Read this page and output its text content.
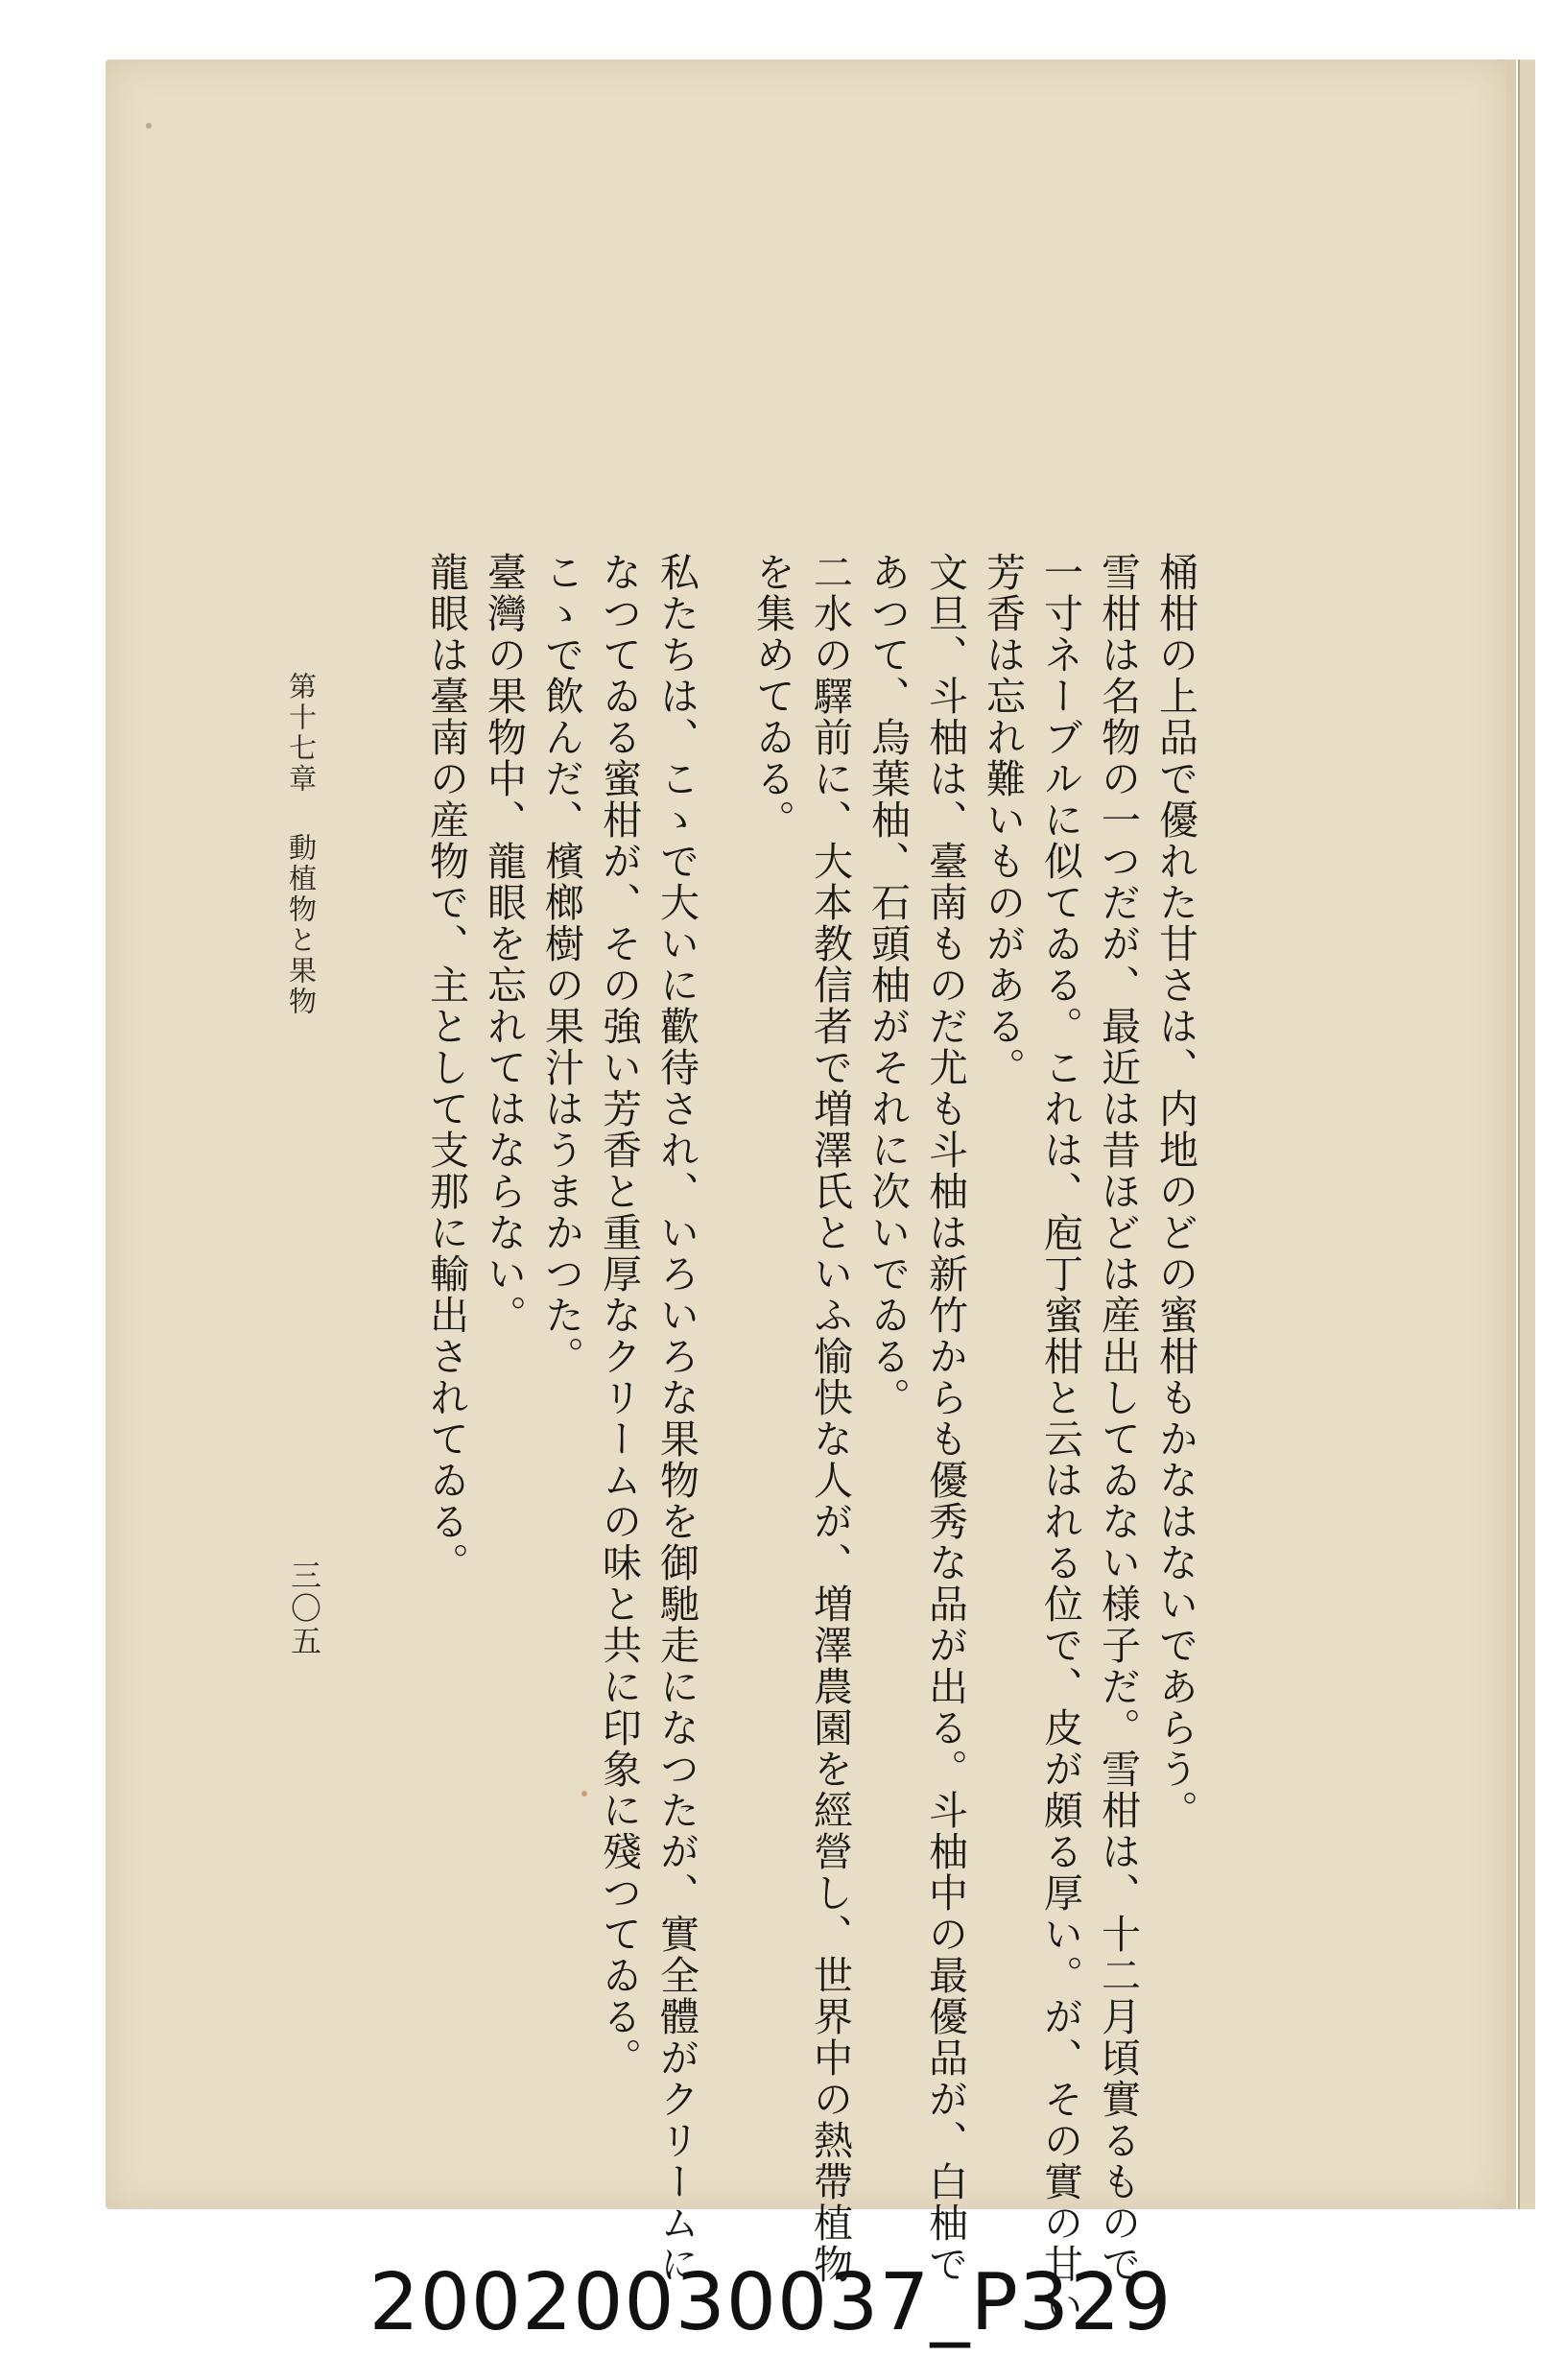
桶柑の上品で優れた甘さは、内地のどの蜜柑もかなはないであらう。
雪柑は名物の一つだが、最近は昔ほどは産出してゐない様子だ。雪柑は、十二月頃實るもので
一寸ネーブルに似てゐる。これは、庖丁蜜柑と云はれる位で、皮が頗る厚い。が、その實の甘い
芳香は忘れ難いものがある。
文旦、斗柚は、臺南ものだ尤も斗柚は新竹からも優秀な品が出る。斗柚中の最優品が、白柚で
あつて、烏葉柚、石頭柚がそれに次いでゐる。
二水の驛前に、大本教信者で増澤氏といふ愉快な人が、増澤農園を經營し、世界中の熱帶植物
を集めてゐる。
私たちは、こゝで大いに歡待され、いろいろな果物を御馳走になつたが、實全體がクリームに
なつてゐる蜜柑が、その強い芳香と重厚なクリームの味と共に印象に殘つてゐる。
こゝで飲んだ、檳榔樹の果汁はうまかつた。
臺灣の果物中、龍眼を忘れてはならない。
龍眼は臺南の産物で、主として支那に輸出されてゐる。
第十七章動植物と果物
三〇五
20020030037_P329
